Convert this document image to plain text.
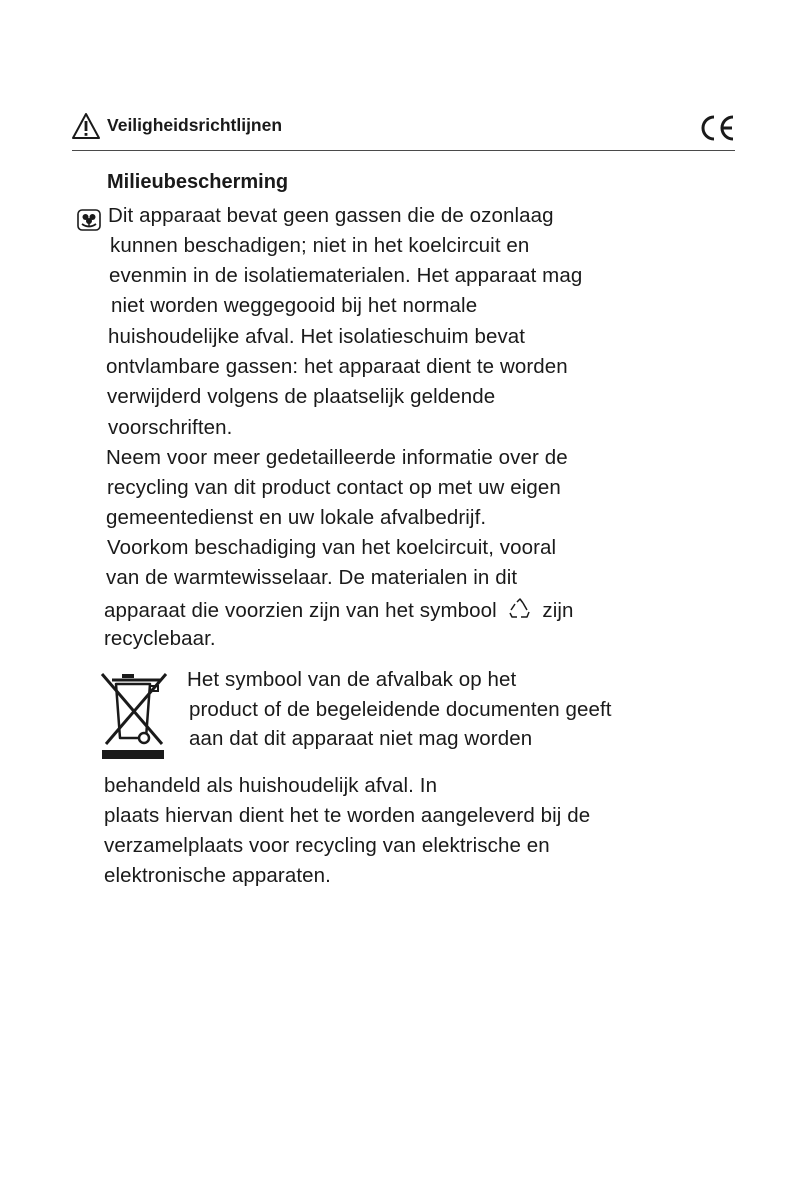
Veiligheidsrichtlijnen
Milieubescherming
Dit apparaat bevat geen gassen die de ozonlaag
kunnen beschadigen; niet in het koelcircuit en
evenmin in de isolatiematerialen. Het apparaat mag
niet worden weggegooid bij het normale
huishoudelijke afval. Het isolatieschuim bevat
ontvlambare gassen: het apparaat dient te worden
verwijderd volgens de plaatselijk geldende
voorschriften.
Neem voor meer gedetailleerde informatie over de
recycling van dit product contact op met uw eigen
gemeentedienst en uw lokale afvalbedrijf.
Voorkom beschadiging van het koelcircuit, vooral
van de warmtewisselaar. De materialen in dit
apparaat die voorzien zijn van het symbool zijn
recyclebaar.
Het symbool van de afvalbak op het
product of de begeleidende documenten geeft
aan dat dit apparaat niet mag worden
behandeld als huishoudelijk afval. In
plaats hiervan dient het te worden aangeleverd bij de
verzamelplaats voor recycling van elektrische en
elektronische apparaten.
